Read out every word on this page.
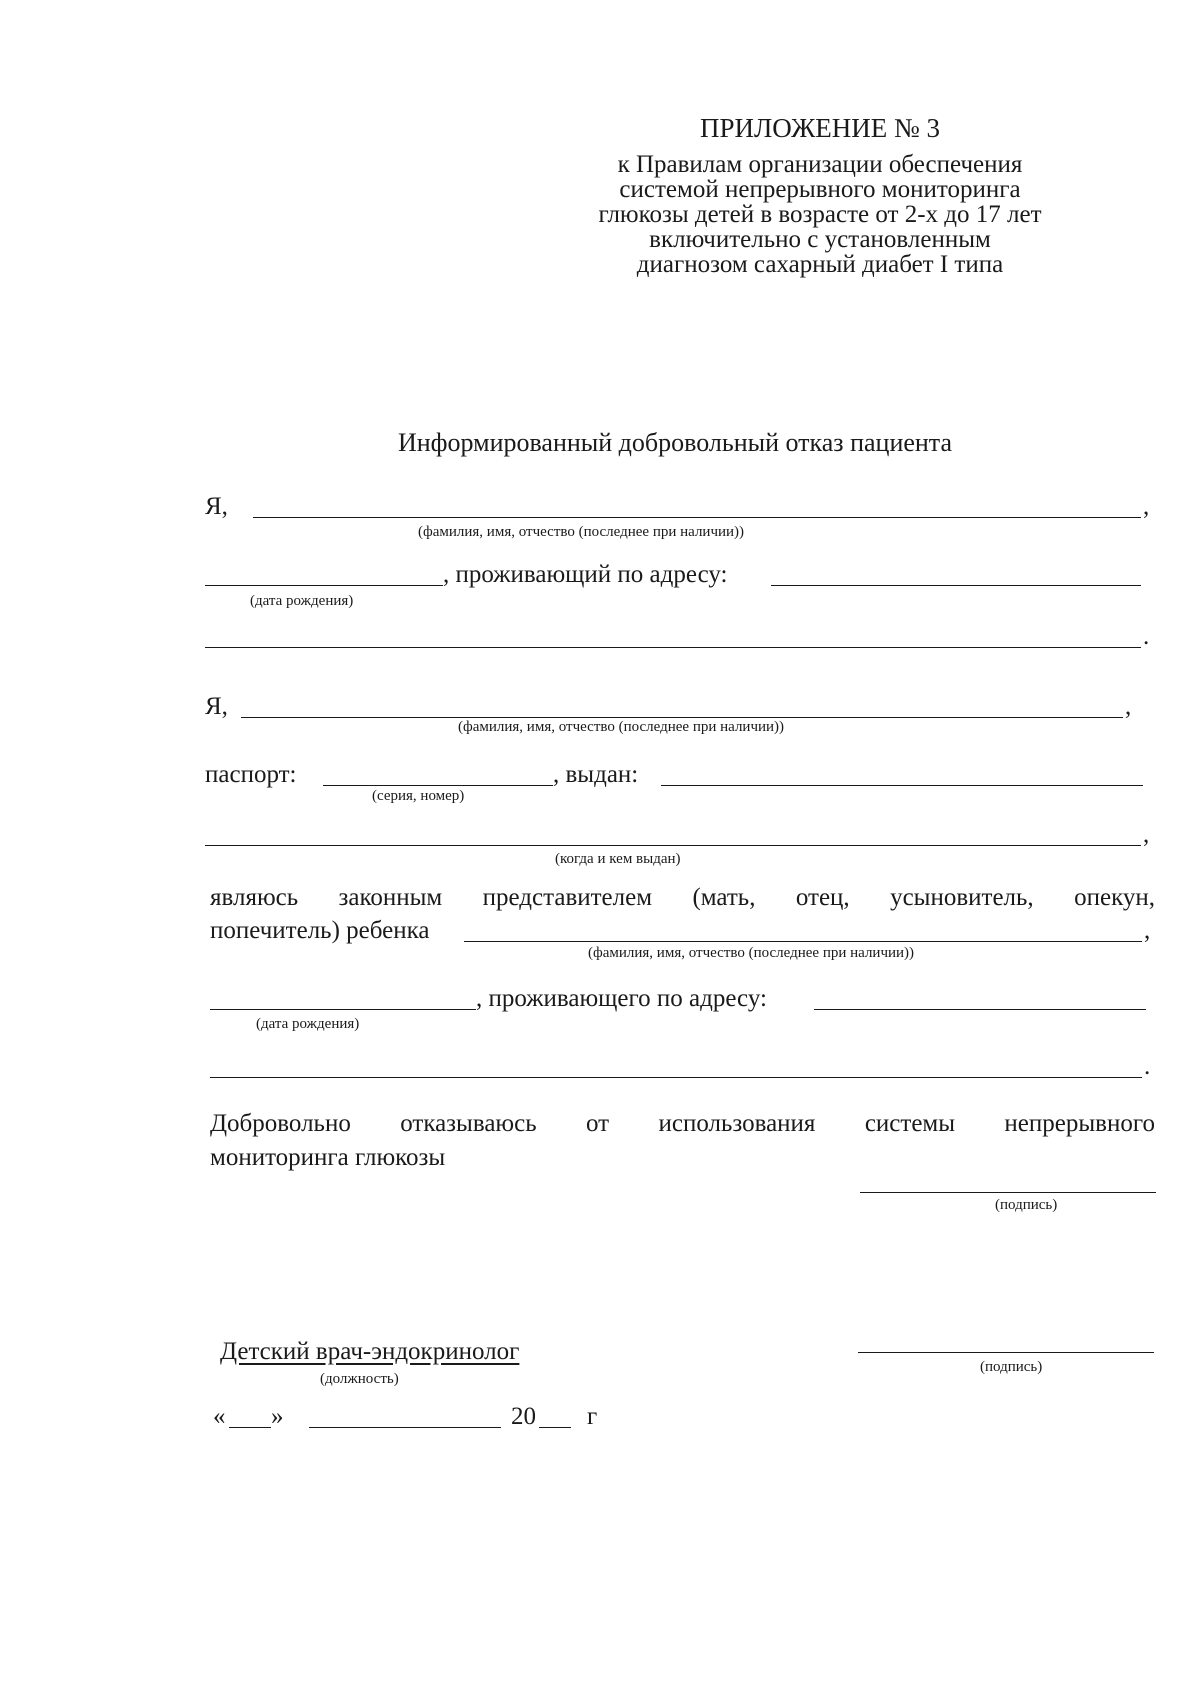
ПРИЛОЖЕНИЕ № 3
к Правилам организации обеспечения
системой непрерывного мониторинга
глюкозы детей в возрасте от 2-х до 17 лет
включительно с установленным
диагнозом сахарный диабет I типа
Информированный добровольный отказ пациента
Я,	,
(фамилия, имя, отчество (последнее при наличии))
, проживающий по адресу:
(дата рождения)
.
Я,	,
(фамилия, имя, отчество (последнее при наличии))
паспорт:	, выдан:
(серия, номер)
,
(когда и кем выдан)
являюсь законным представителем (мать, отец, усыновитель, опекун,
попечитель) ребенка	,
(фамилия, имя, отчество (последнее при наличии))
, проживающего по адресу:
(дата рождения)
.
Добровольно отказываюсь от использования системы непрерывного
мониторинга глюкозы
(подпись)
Детский врач-эндокринолог
(должность)
(подпись)
« »	20 г
